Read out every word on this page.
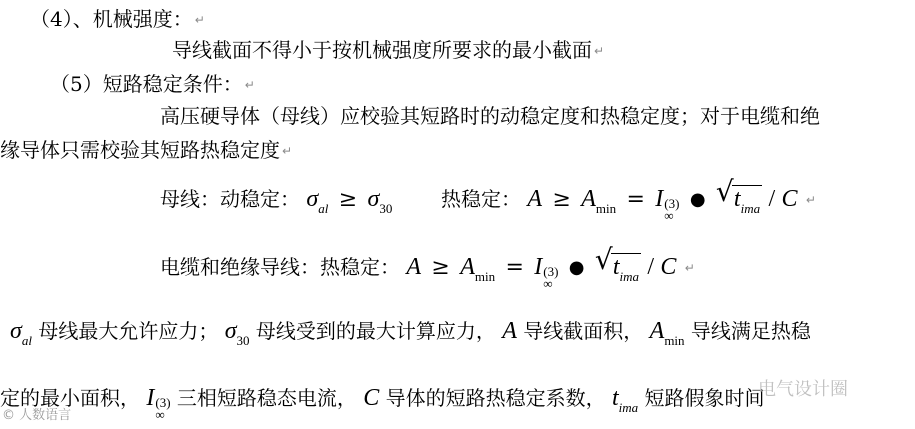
（4）、机械强度： ↵
导线截面不得小于按机械强度所要求的最小截面 ↵
（5）短路稳定条件： ↵
高压硬导体（母线）应校验其短路时的动稳定度和热稳定度；对于电缆和绝
缘导体只需校验其短路热稳定度 ↵
母线：动稳定： $\sigma_{al} \ge \sigma_{30}$ 热稳定： $A \ge A_{min} = I$ (3)
∞
● √ $t_{ima}$ / C ↵
电缆和绝缘导线：热稳定： $A \ge A_{min} = I$ (3)
∞
● √ $t_{ima}$ / C ↵
$\sigma_{al}$ 母线最大允许应力； $\sigma_{30}$ 母线受到的最大计算应力， A 导线截面积， $A_{min}$ 导线满足热稳
定的最小面积， I (3)
∞
三相短路稳态电流， C 导体的短路热稳定系数， $t_{ima}$ 短路假象时间
电气设计圈
© 人数语言
